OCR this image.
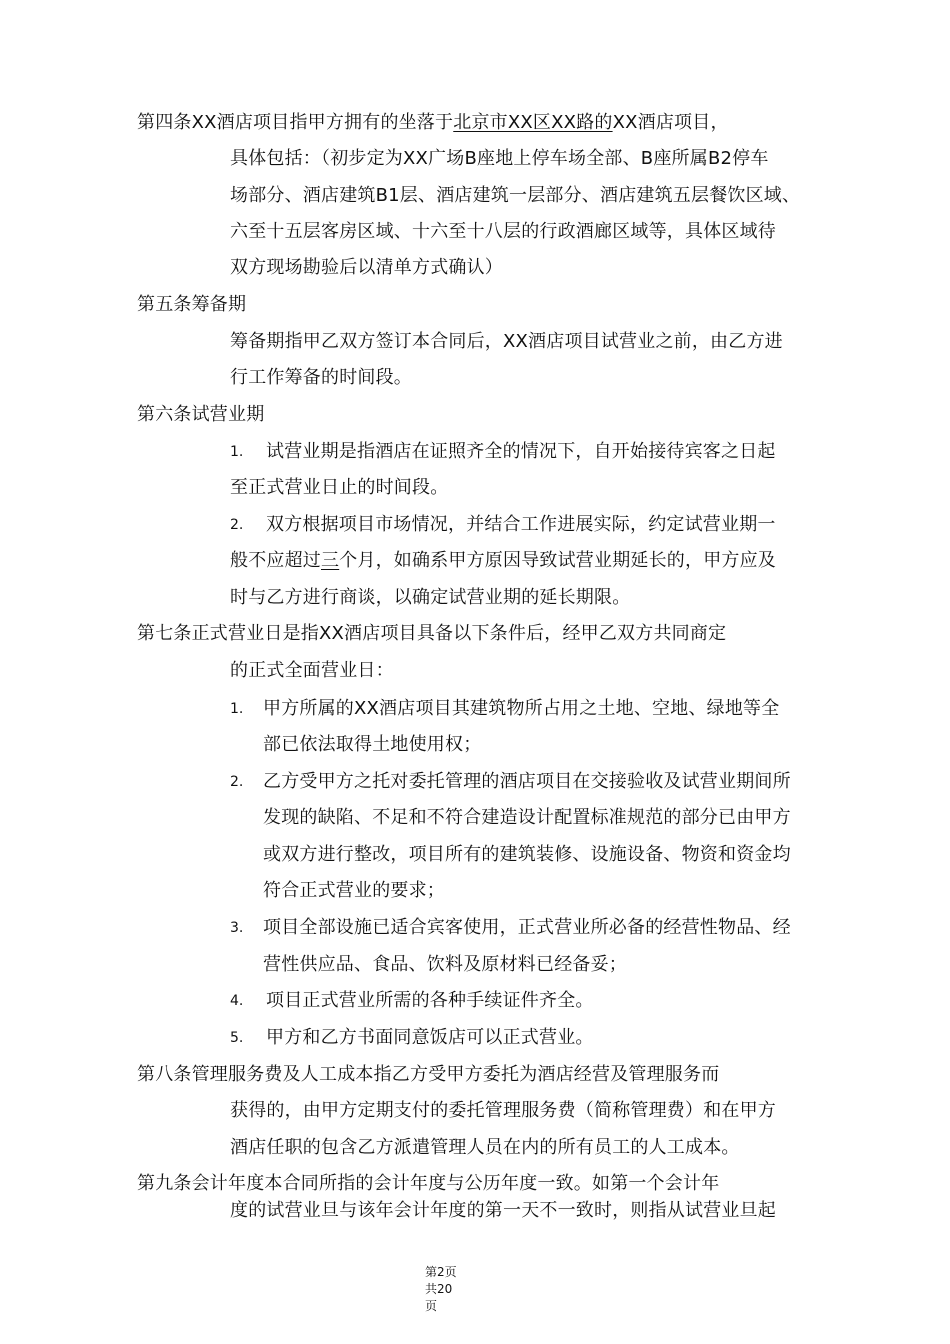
第四条XX酒店项目指甲方拥有的坐落于北京市XX区XX路的XX酒店项目，
具体包括：（初步定为XX广场B座地上停车场全部、B座所属B2停车
场部分、酒店建筑B1层、酒店建筑一层部分、酒店建筑五层餐饮区域、
六至十五层客房区域、十六至十八层的行政酒廊区域等，具体区域待
双方现场勘验后以清单方式确认）
第五条筹备期
筹备期指甲乙双方签订本合同后，XX酒店项目试营业之前，由乙方进
行工作筹备的时间段。
第六条试营业期
1. 试营业期是指酒店在证照齐全的情况下，自开始接待宾客之日起
至正式营业日止的时间段。
2. 双方根据项目市场情况，并结合工作进展实际，约定试营业期一
般不应超过三个月，如确系甲方原因导致试营业期延长的，甲方应及
时与乙方进行商谈，以确定试营业期的延长期限。
第七条正式营业日是指XX酒店项目具备以下条件后，经甲乙双方共同商定
的正式全面营业日：
1. 甲方所属的XX酒店项目其建筑物所占用之土地、空地、绿地等全
部已依法取得土地使用权；
2. 乙方受甲方之托对委托管理的酒店项目在交接验收及试营业期间所
发现的缺陷、不足和不符合建造设计配置标准规范的部分已由甲方
或双方进行整改，项目所有的建筑装修、设施设备、物资和资金均
符合正式营业的要求；
3. 项目全部设施已适合宾客使用，正式营业所必备的经营性物品、经
营性供应品、食品、饮料及原材料已经备妥；
4. 项目正式营业所需的各种手续证件齐全。
5. 甲方和乙方书面同意饭店可以正式营业。
第八条管理服务费及人工成本指乙方受甲方委托为酒店经营及管理服务而
获得的，由甲方定期支付的委托管理服务费（简称管理费）和在甲方
酒店任职的包含乙方派遣管理人员在内的所有员工的人工成本。
第九条会计年度本合同所指的会计年度与公历年度一致。如第一个会计年
度的试营业旦与该年会计年度的第一天不一致时，则指从试营业旦起
第2页
共20
页
